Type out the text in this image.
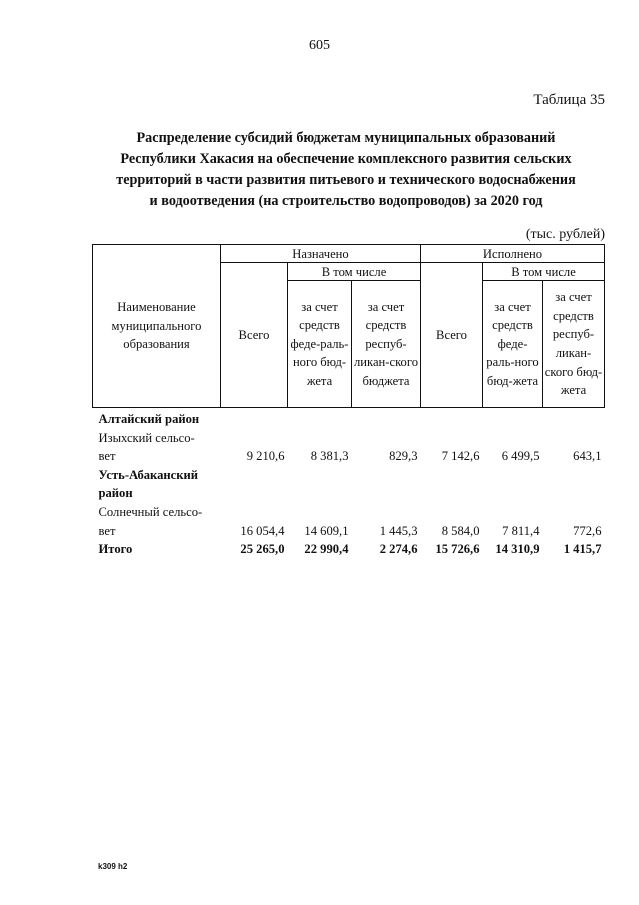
605
Таблица 35
Распределение субсидий бюджетам муниципальных образований
Республики Хакасия на обеспечение комплексного развития сельских
территорий в части развития питьевого и технического водоснабжения
и водоотведения (на строительство водопроводов) за 2020 год
(тыс. рублей)
Наименование муниципального образования	Назначено			Исполнено		
	Всего	В том числе		Всего	В том числе	
		за счет средств феде-раль-ного бюд-жета	за счет средств респуб-ликан-ского бюджета		за счет средств феде-раль-ного бюд-жета	за счет средств респуб-ликан-ского бюд-жета
Алтайский район						
Изыхский сельсо-						
вет	9 210,6	8 381,3	829,3	7 142,6	6 499,5	643,1
Усть-Абаканский						
район						
Солнечный сельсо-						
вет	16 054,4	14 609,1	1 445,3	8 584,0	7 811,4	772,6
Итого	25 265,0	22 990,4	2 274,6	15 726,6	14 310,9	1 415,7
k309 h2
